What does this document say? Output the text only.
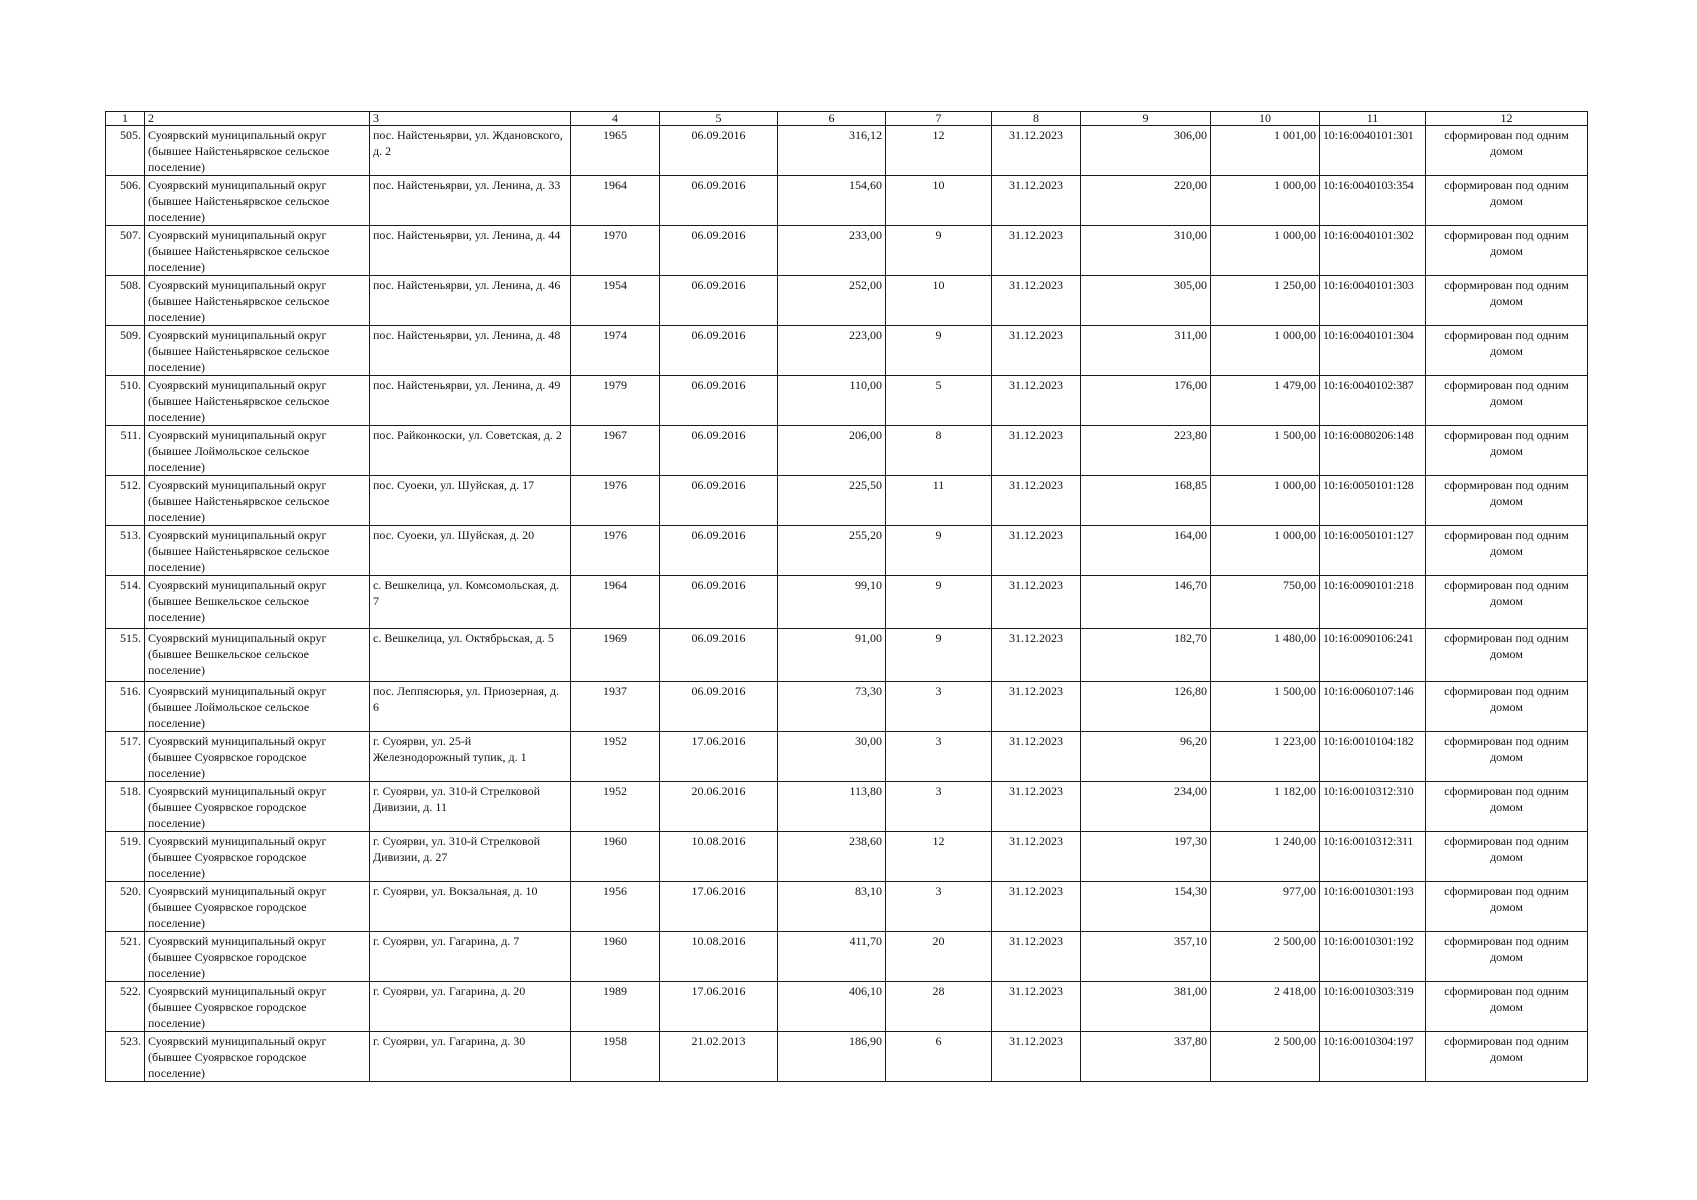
1	2	3	4	5	6	7	8	9	10	11	12
505.	Суоярвский муниципальный округ (бывшее Найстеньярвское сельское поселение)	пос. Найстеньярви, ул. Ждановского, д. 2	1965	06.09.2016	316,12	12	31.12.2023	306,00	1 001,00	10:16:0040101:301	сформирован под одним домом
506.	Суоярвский муниципальный округ (бывшее Найстеньярвское сельское поселение)	пос. Найстеньярви, ул. Ленина, д. 33	1964	06.09.2016	154,60	10	31.12.2023	220,00	1 000,00	10:16:0040103:354	сформирован под одним домом
507.	Суоярвский муниципальный округ (бывшее Найстеньярвское сельское поселение)	пос. Найстеньярви, ул. Ленина, д. 44	1970	06.09.2016	233,00	9	31.12.2023	310,00	1 000,00	10:16:0040101:302	сформирован под одним домом
508.	Суоярвский муниципальный округ (бывшее Найстеньярвское сельское поселение)	пос. Найстеньярви, ул. Ленина, д. 46	1954	06.09.2016	252,00	10	31.12.2023	305,00	1 250,00	10:16:0040101:303	сформирован под одним домом
509.	Суоярвский муниципальный округ (бывшее Найстеньярвское сельское поселение)	пос. Найстеньярви, ул. Ленина, д. 48	1974	06.09.2016	223,00	9	31.12.2023	311,00	1 000,00	10:16:0040101:304	сформирован под одним домом
510.	Суоярвский муниципальный округ (бывшее Найстеньярвское сельское поселение)	пос. Найстеньярви, ул. Ленина, д. 49	1979	06.09.2016	110,00	5	31.12.2023	176,00	1 479,00	10:16:0040102:387	сформирован под одним домом
511.	Суоярвский муниципальный округ (бывшее Лоймольское сельское поселение)	пос. Райконкоски, ул. Советская, д. 2	1967	06.09.2016	206,00	8	31.12.2023	223,80	1 500,00	10:16:0080206:148	сформирован под одним домом
512.	Суоярвский муниципальный округ (бывшее Найстеньярвское сельское поселение)	пос. Суоеки, ул. Шуйская, д. 17	1976	06.09.2016	225,50	11	31.12.2023	168,85	1 000,00	10:16:0050101:128	сформирован под одним домом
513.	Суоярвский муниципальный округ (бывшее Найстеньярвское сельское поселение)	пос. Суоеки, ул. Шуйская, д. 20	1976	06.09.2016	255,20	9	31.12.2023	164,00	1 000,00	10:16:0050101:127	сформирован под одним домом
514.	Суоярвский муниципальный округ (бывшее Вешкельское сельское поселение)	с. Вешкелица, ул. Комсомольская, д. 7	1964	06.09.2016	99,10	9	31.12.2023	146,70	750,00	10:16:0090101:218	сформирован под одним домом
515.	Суоярвский муниципальный округ (бывшее Вешкельское сельское поселение)	с. Вешкелица, ул. Октябрьская, д. 5	1969	06.09.2016	91,00	9	31.12.2023	182,70	1 480,00	10:16:0090106:241	сформирован под одним домом
516.	Суоярвский муниципальный округ (бывшее Лоймольское сельское поселение)	пос. Леппясюрья, ул. Приозерная, д. 6	1937	06.09.2016	73,30	3	31.12.2023	126,80	1 500,00	10:16:0060107:146	сформирован под одним домом
517.	Суоярвский муниципальный округ (бывшее Суоярвское городское поселение)	г. Суоярви, ул. 25-й Железнодорожный тупик, д. 1	1952	17.06.2016	30,00	3	31.12.2023	96,20	1 223,00	10:16:0010104:182	сформирован под одним домом
518.	Суоярвский муниципальный округ (бывшее Суоярвское городское поселение)	г. Суоярви, ул. 310-й Стрелковой Дивизии, д. 11	1952	20.06.2016	113,80	3	31.12.2023	234,00	1 182,00	10:16:0010312:310	сформирован под одним домом
519.	Суоярвский муниципальный округ (бывшее Суоярвское городское поселение)	г. Суоярви, ул. 310-й Стрелковой Дивизии, д. 27	1960	10.08.2016	238,60	12	31.12.2023	197,30	1 240,00	10:16:0010312:311	сформирован под одним домом
520.	Суоярвский муниципальный округ (бывшее Суоярвское городское поселение)	г. Суоярви, ул. Вокзальная, д. 10	1956	17.06.2016	83,10	3	31.12.2023	154,30	977,00	10:16:0010301:193	сформирован под одним домом
521.	Суоярвский муниципальный округ (бывшее Суоярвское городское поселение)	г. Суоярви, ул. Гагарина, д. 7	1960	10.08.2016	411,70	20	31.12.2023	357,10	2 500,00	10:16:0010301:192	сформирован под одним домом
522.	Суоярвский муниципальный округ (бывшее Суоярвское городское поселение)	г. Суоярви, ул. Гагарина, д. 20	1989	17.06.2016	406,10	28	31.12.2023	381,00	2 418,00	10:16:0010303:319	сформирован под одним домом
523.	Суоярвский муниципальный округ (бывшее Суоярвское городское поселение)	г. Суоярви, ул. Гагарина, д. 30	1958	21.02.2013	186,90	6	31.12.2023	337,80	2 500,00	10:16:0010304:197	сформирован под одним домом
